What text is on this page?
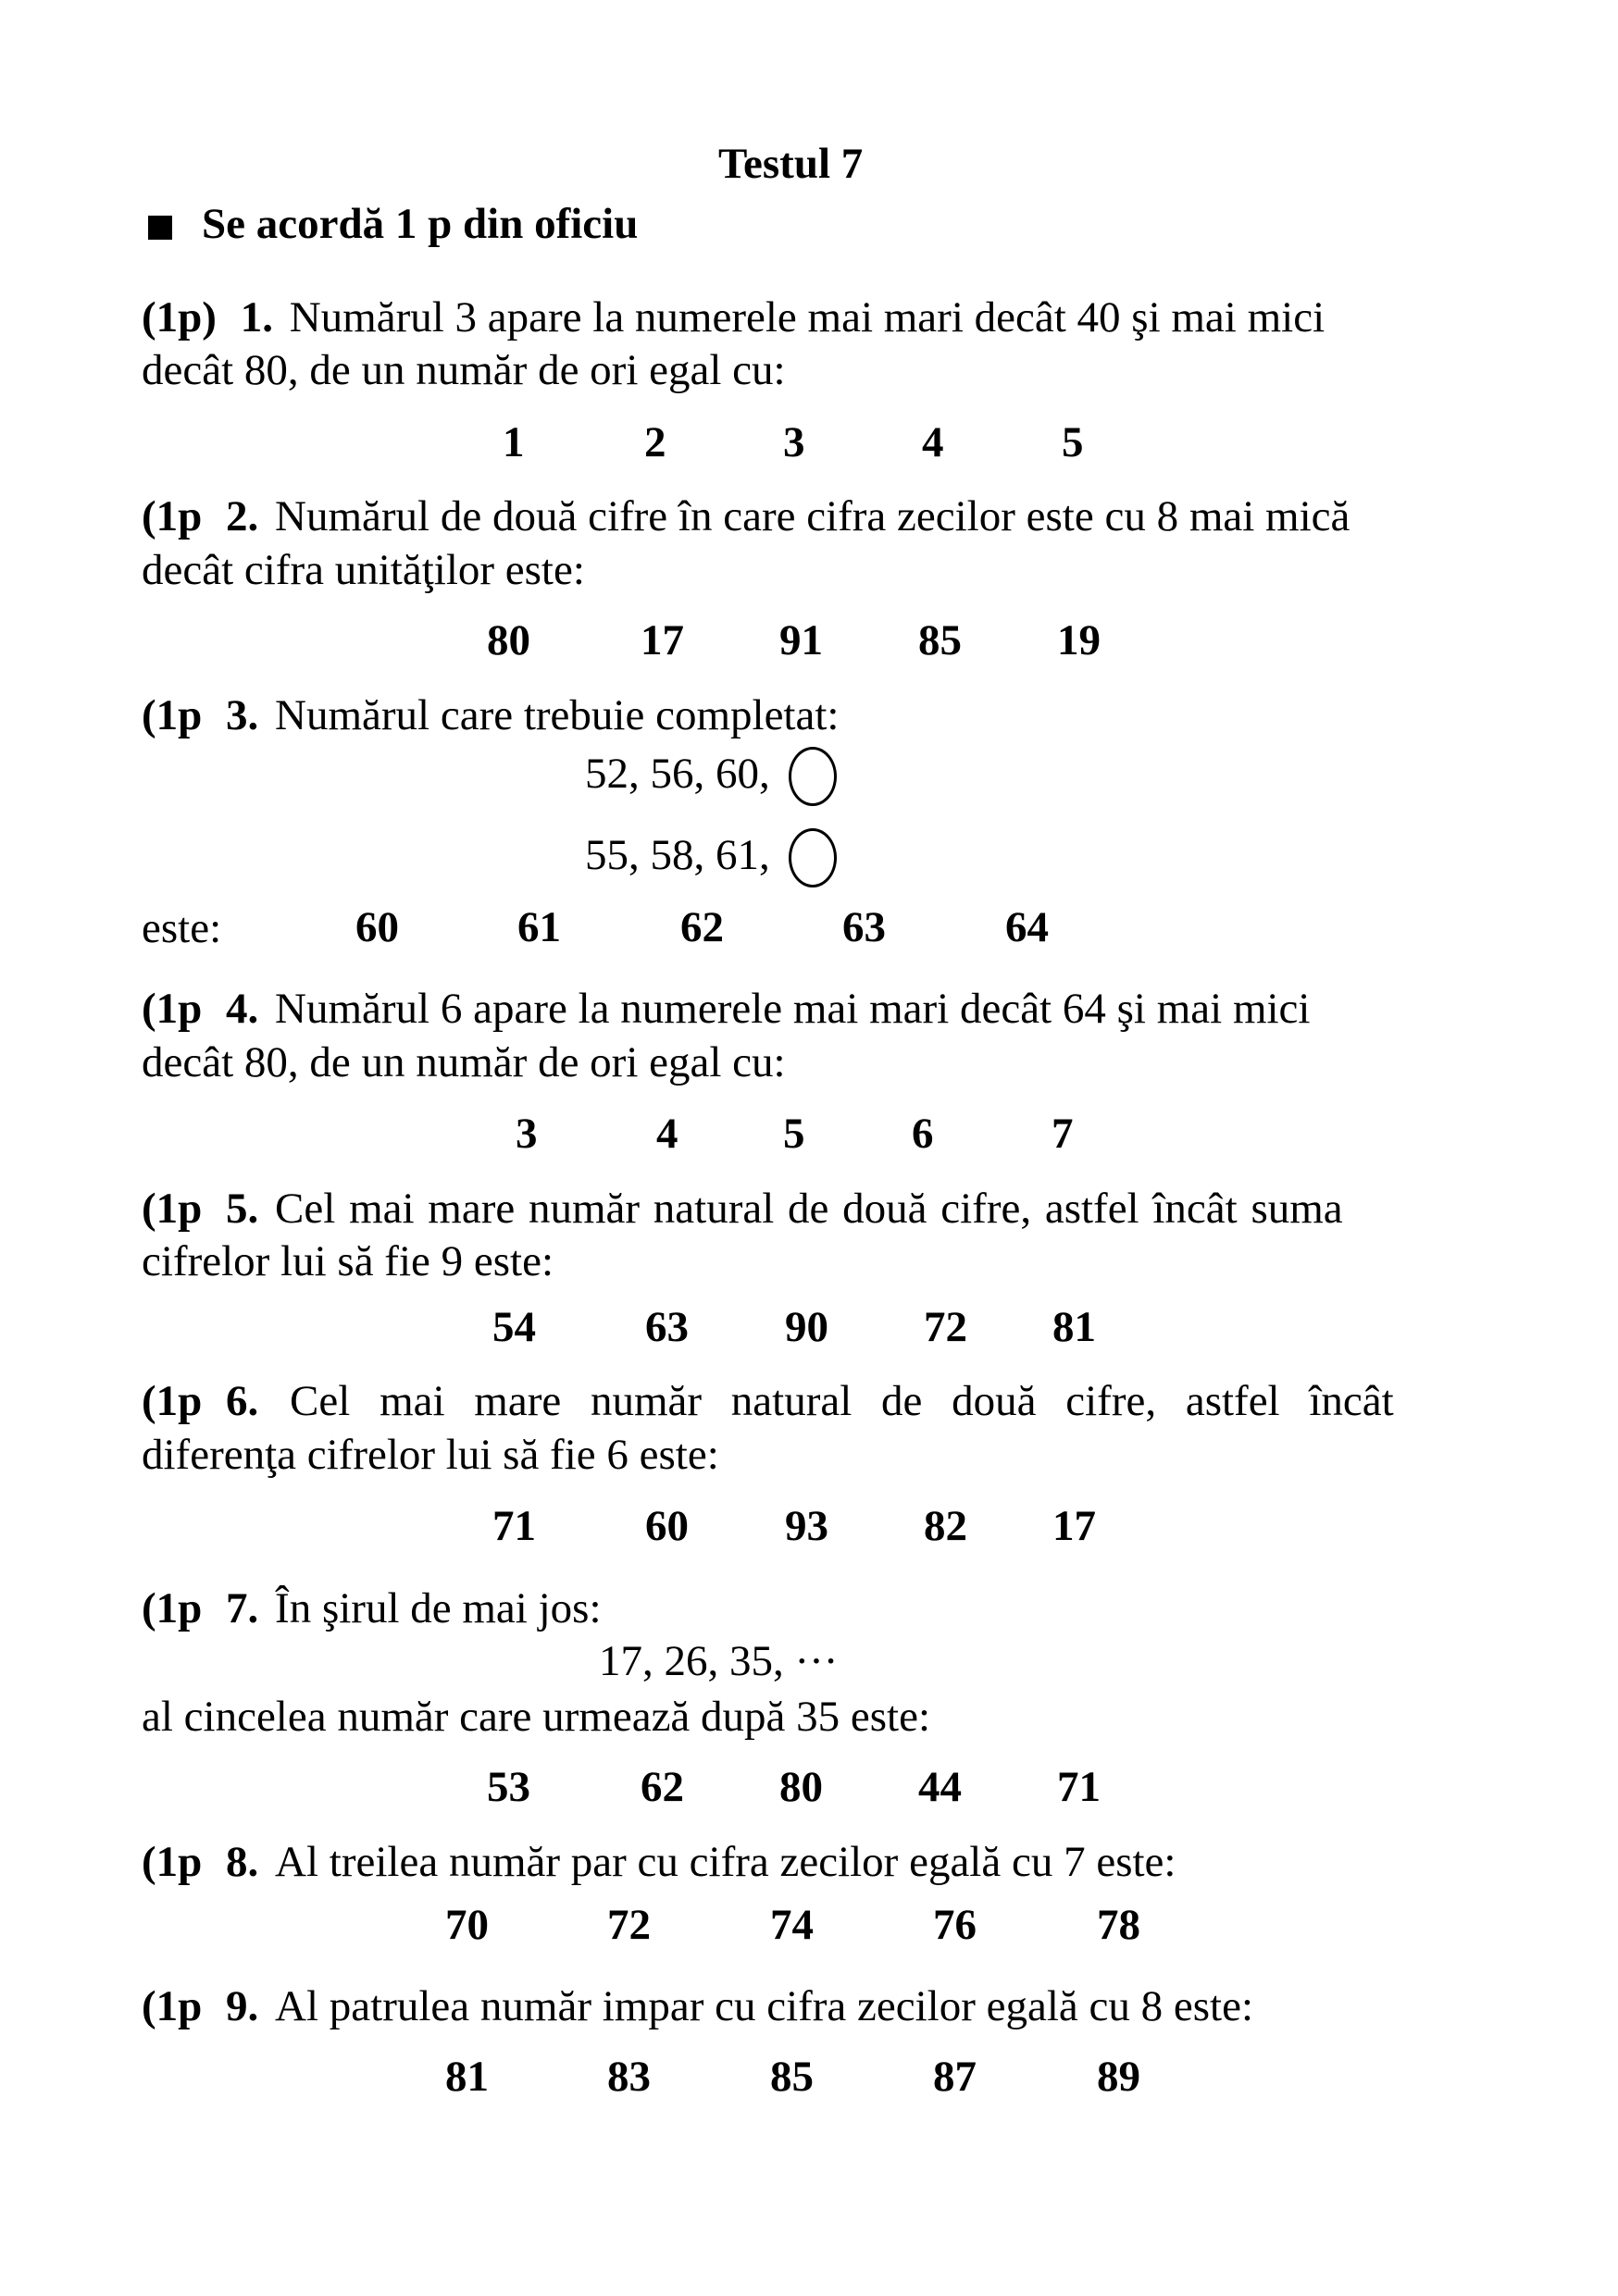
Testul 7
Se acordă 1 p din oficiu
(1p) 1. Numărul 3 apare la numerele mai mari decât 40 şi mai mici
decât 80, de un număr de ori egal cu:
1	2	3	4	5
(1p 2. Numărul de două cifre în care cifra zecilor este cu 8 mai mică
decât cifra unităţilor este:
80	17 91 85 19
(1p 3. Numărul care trebuie completat:
52, 56, 60,
55, 58, 61,
este:	60	61	62	63	64
(1p 4. Numărul 6 apare la numerele mai mari decât 64 şi mai mici
decât 80, de un număr de ori egal cu:
3	4 5 6	7
(1p 5. Cel mai mare număr natural de două cifre, astfel încât suma
cifrelor lui să fie 9 este:
54	63 90 72 81
(1p 6. Cel mai mare număr natural de două cifre, astfel încât
diferenţa cifrelor lui să fie 6 este:
71	60 93 82 17
(1p 7. În şirul de mai jos:
17, 26, 35, ···
al cincelea număr care urmează după 35 este:
53	62 80 44 71
(1p 8. Al treilea număr par cu cifra zecilor egală cu 7 este:
70	72	74	76	78
(1p 9. Al patrulea număr impar cu cifra zecilor egală cu 8 este:
81	83	85	87	89
